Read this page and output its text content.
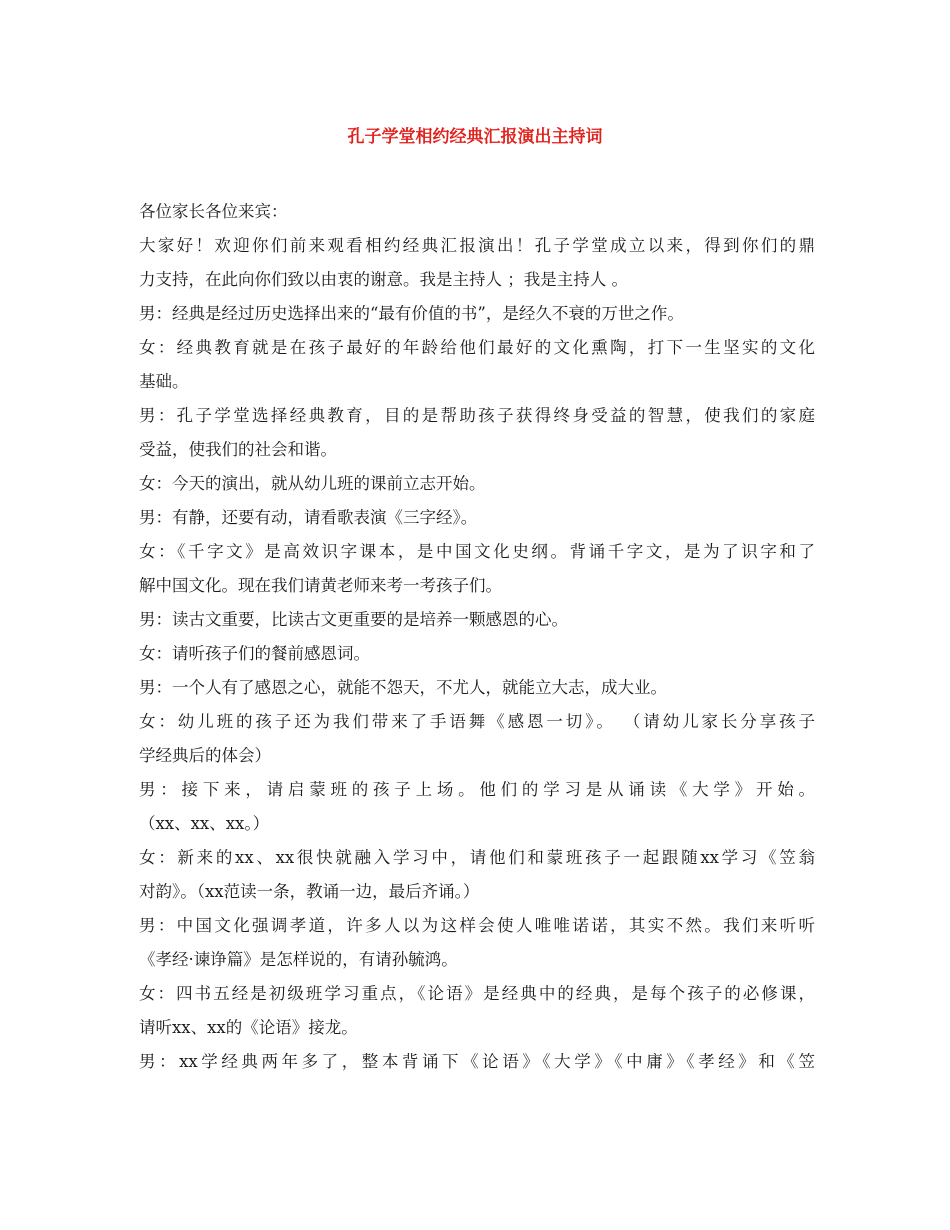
孔子学堂相约经典汇报演出主持词
各位家长各位来宾：
大家好！欢迎你们前来观看相约经典汇报演出！孔子学堂成立以来，得到你们的鼎
力支持，在此向你们致以由衷的谢意。我是主持人 ；我是主持人 。
男：经典是经过历史选择出来的“最有价值的书”，是经久不衰的万世之作。
女：经典教育就是在孩子最好的年龄给他们最好的文化熏陶，打下一生坚实的文化
基础。
男：孔子学堂选择经典教育，目的是帮助孩子获得终身受益的智慧，使我们的家庭
受益，使我们的社会和谐。
女：今天的演出，就从幼儿班的课前立志开始。
男：有静，还要有动，请看歌表演《三字经》。
女：《千字文》是高效识字课本，是中国文化史纲。背诵千字文，是为了识字和了
解中国文化。现在我们请黄老师来考一考孩子们。
男：读古文重要，比读古文更重要的是培养一颗感恩的心。
女：请听孩子们的餐前感恩词。
男：一个人有了感恩之心，就能不怨天，不尤人，就能立大志，成大业。
女：幼儿班的孩子还为我们带来了手语舞《感恩一切》。 （请幼儿家长分享孩子
学经典后的体会）
男：接下来，请启蒙班的孩子上场。他们的学习是从诵读《大学》开始。
（xx、xx、xx。）
女：新来的xx、xx很快就融入学习中，请他们和蒙班孩子一起跟随xx学习《笠翁
对韵》。（xx范读一条，教诵一边，最后齐诵。）
男：中国文化强调孝道，许多人以为这样会使人唯唯诺诺，其实不然。我们来听听
《孝经·谏诤篇》是怎样说的，有请孙毓鸿。
女：四书五经是初级班学习重点，《论语》是经典中的经典，是每个孩子的必修课，
请听xx、xx的《论语》接龙。
男：xx学经典两年多了，整本背诵下《论语》《大学》《中庸》《孝经》和《笠
